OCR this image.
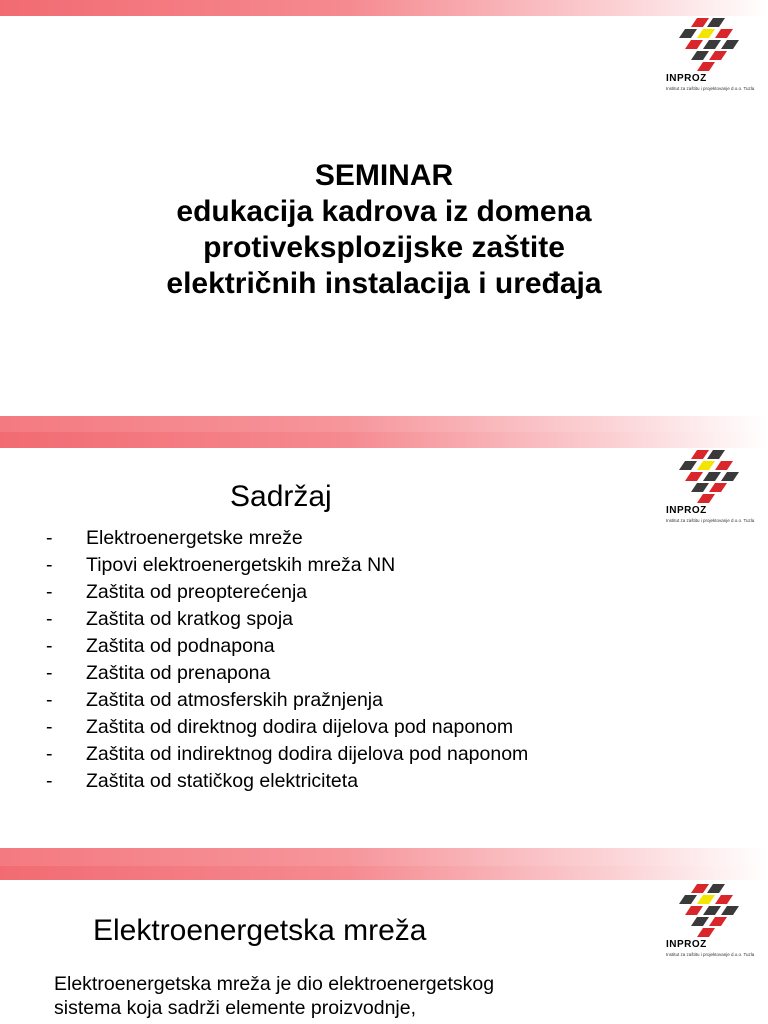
INPROZ
Institut za zaštitu i projektovanje d.o.o. Tuzla
SEMINAR
edukacija kadrova iz domena
protiveksplozijske zaštite
električnih instalacija i uređaja
INPROZ
Institut za zaštitu i projektovanje d.o.o. Tuzla
Sadržaj
-	Elektroenergetske mreže
-	Tipovi elektroenergetskih mreža NN
-	Zaštita od preopterećenja
-	Zaštita od kratkog spoja
-	Zaštita od podnapona
-	Zaštita od prenapona
-	Zaštita od atmosferskih pražnjenja
-	Zaštita od direktnog dodira dijelova pod naponom
-	Zaštita od indirektnog dodira dijelova pod naponom
-	Zaštita od statičkog elektriciteta
INPROZ
Institut za zaštitu i projektovanje d.o.o. Tuzla
Elektroenergetska mreža
Elektroenergetska mreža je dio elektroenergetskog
sistema koja sadrži elemente proizvodnje,
